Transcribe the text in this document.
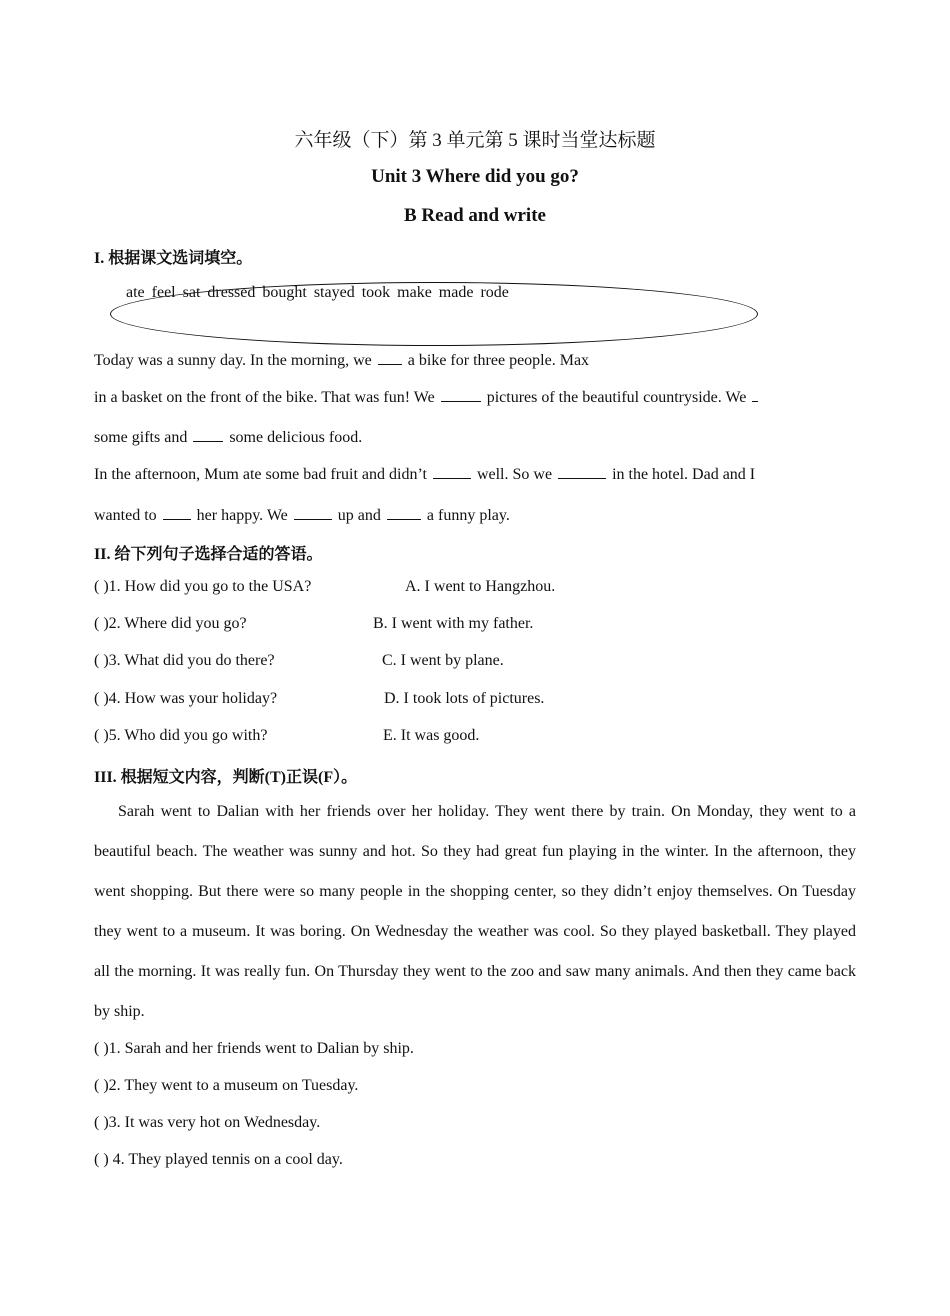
六年级（下）第 3 单元第 5 课时当堂达标题
Unit 3 Where did you go?
B Read and write
I. 根据课文选词填空。
ate feel sat dressed bought stayed took make made rode
Today was a sunny day. In the morning, we  a bike for three people. Max
in a basket on the front of the bike. That was fun! We	pictures of the beautiful countryside. We
some gifts and  some delicious food.
In the afternoon, Mum ate some bad fruit and didn’t	well. So we	in the hotel. Dad and I
wanted to  her happy. We	up and  a funny play.
II. 给下列句子选择合适的答语。
( )1. How did you go to the USA?	A. I went to Hangzhou.
( )2. Where did you go?	B. I went with my father.
( )3. What did you do there?	C. I went by plane.
( )4. How was your holiday?	D. I took lots of pictures.
( )5. Who did you go with?	E. It was good.
III. 根据短文内容，判断(T)正误(F）。
Sarah went to Dalian with her friends over her holiday. They went there by train. On Monday, they went to a beautiful beach. The weather was sunny and hot. So they had great fun playing in the winter. In the afternoon, they went shopping. But there were so many people in the shopping center, so they didn’t enjoy themselves. On Tuesday they went to a museum. It was boring. On Wednesday the weather was cool. So they played basketball. They played all the morning. It was really fun. On Thursday they went to the zoo and saw many animals. And then they came back by ship.
( )1. Sarah and her friends went to Dalian by ship.
( )2. They went to a museum on Tuesday.
( )3. It was very hot on Wednesday.
( ) 4. They played tennis on a cool day.
